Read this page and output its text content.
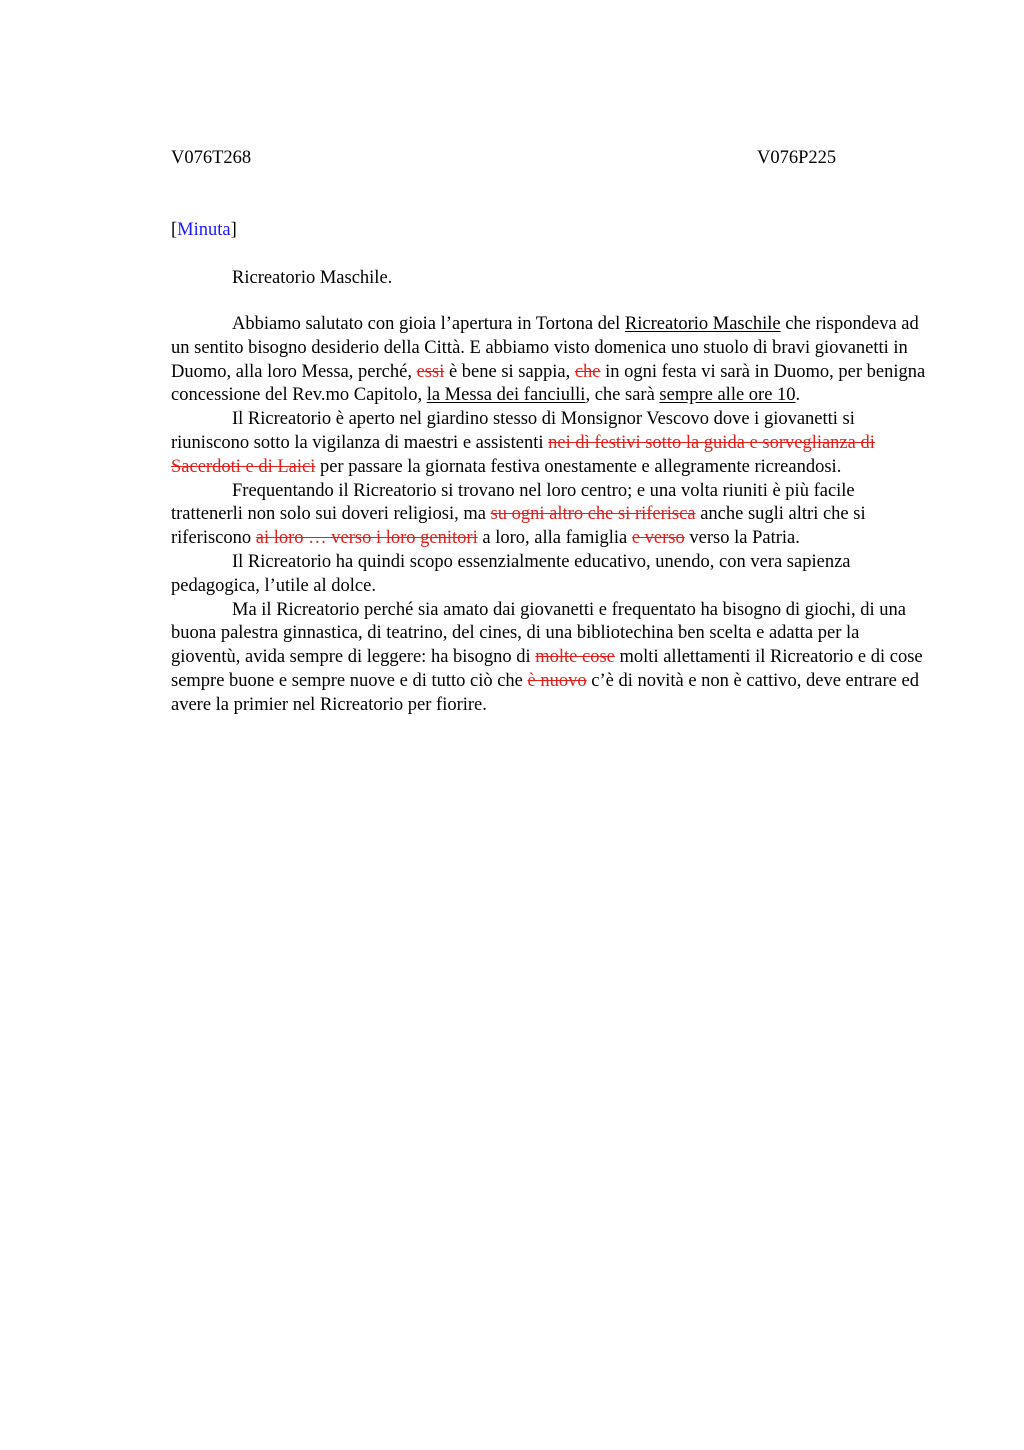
V076T268	V076P225
[Minuta]
Ricreatorio Maschile.

Abbiamo salutato con gioia l’apertura in Tortona del Ricreatorio Maschile che rispondeva ad un sentito bisogno desiderio della Città. E abbiamo visto domenica uno stuolo di bravi giovanetti in Duomo, alla loro Messa, perché, essi è bene si sappia, che in ogni festa vi sarà in Duomo, per benigna concessione del Rev.mo Capitolo, la Messa dei fanciulli, che sarà sempre alle ore 10.

Il Ricreatorio è aperto nel giardino stesso di Monsignor Vescovo dove i giovanetti si riuniscono sotto la vigilanza di maestri e assistenti nei dì festivi sotto la guida e sorveglianza di Sacerdoti e di Laici per passare la giornata festiva onestamente e allegramente ricreandosi.

Frequentando il Ricreatorio si trovano nel loro centro; e una volta riuniti è più facile trattenerli non solo sui doveri religiosi, ma su ogni altro che si riferisca anche sugli altri che si riferiscono ai loro … verso i loro genitori a loro, alla famiglia e verso verso la Patria.

Il Ricreatorio ha quindi scopo essenzialmente educativo, unendo, con vera sapienza pedagogica, l’utile al dolce.

Ma il Ricreatorio perché sia amato dai giovanetti e frequentato ha bisogno di giochi, di una buona palestra ginnastica, di teatrino, del cines, di una bibliotechina ben scelta e adatta per la gioventù, avida sempre di leggere: ha bisogno di molte cose molti allettamenti il Ricreatorio e di cose sempre buone e sempre nuove e di tutto ciò che è nuovo c’è di novità e non è cattivo, deve entrare ed avere la primier nel Ricreatorio per fiorire.
